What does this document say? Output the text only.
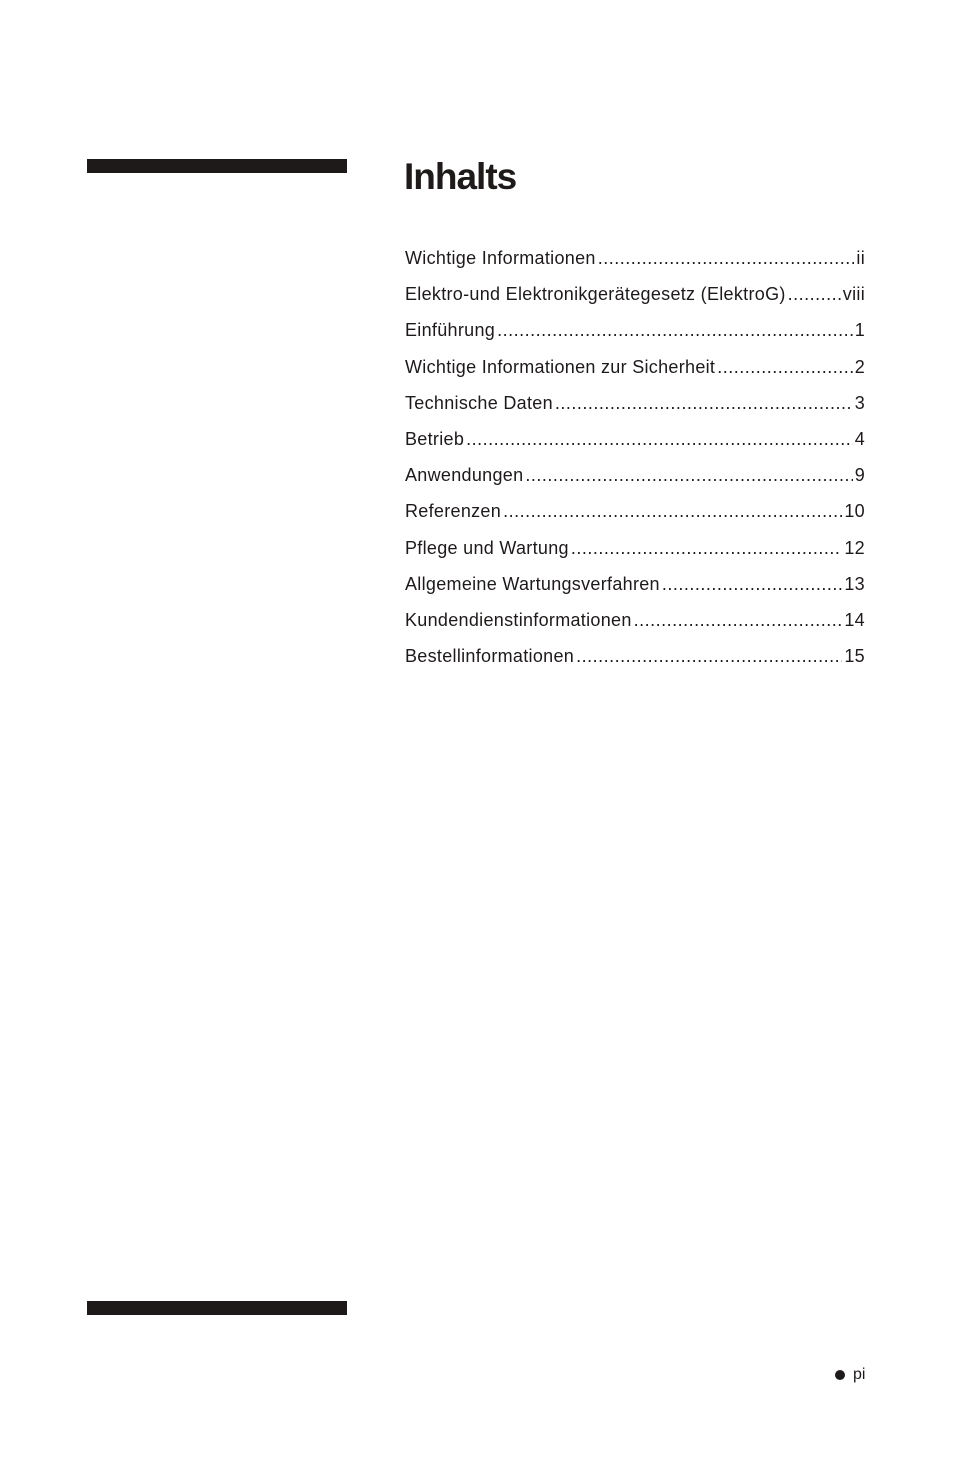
Inhalts
Wichtige Informationen .....	ii
Elektro-und Elektronikgerätegesetz (ElektroG) .....	viii
Einführung .....	1
Wichtige Informationen zur Sicherheit .....	2
Technische Daten .....	3
Betrieb .....	4
Anwendungen .....	9
Referenzen .....	10
Pflege und Wartung .....	12
Allgemeine Wartungsverfahren .....	13
Kundendienstinformationen .....	14
Bestellinformationen .....	15
pi
